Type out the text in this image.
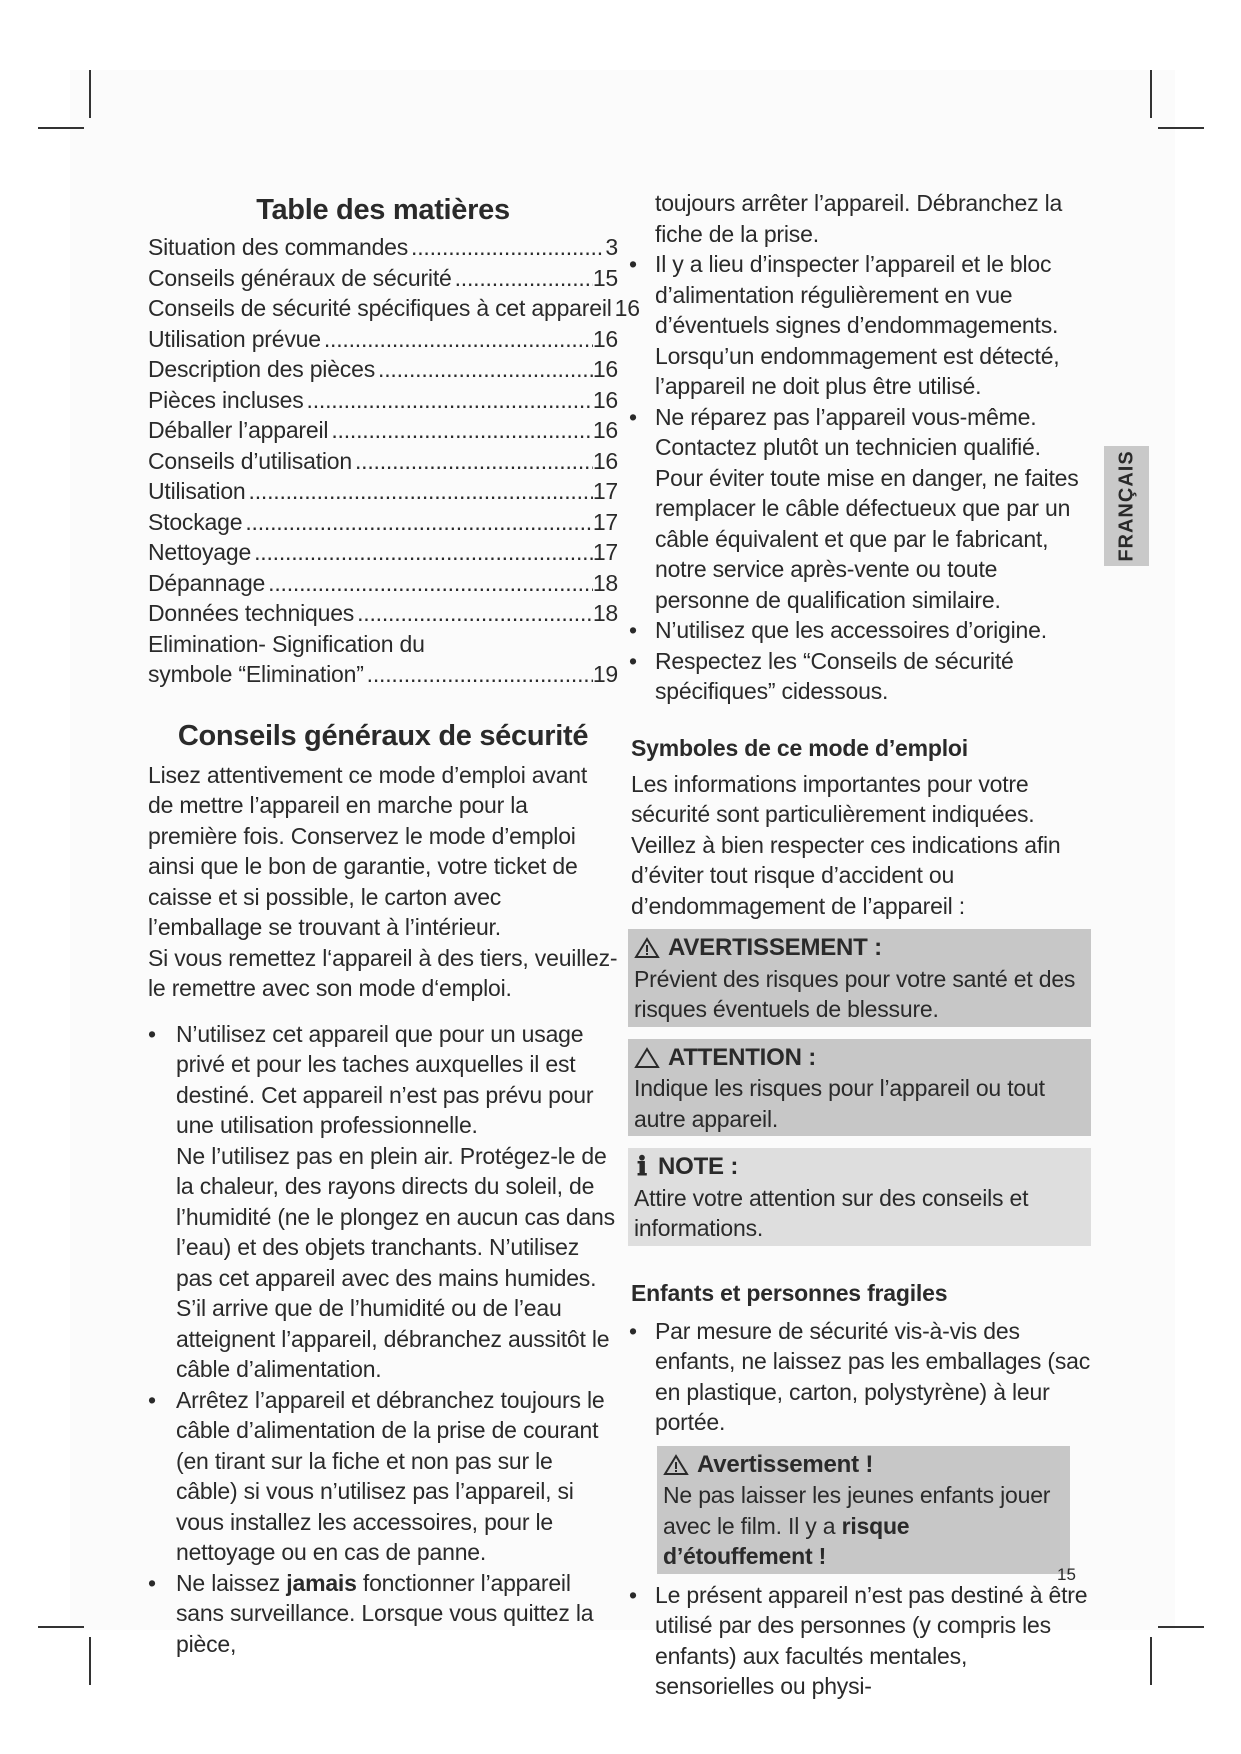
Table des matières
Situation des commandes .....	3
Conseils généraux de sécurité .....	15
Conseils de sécurité spécifiques à cet appareil 16
Utilisation prévue .....	16
Description des pièces .....	16
Pièces incluses .....	16
Déballer l’appareil .....	16
Conseils d’utilisation .....	16
Utilisation .....	17
Stockage .....	17
Nettoyage .....	17
Dépannage .....	18
Données techniques .....	18
Elimination- Signification du
symbole “Elimination” .....	19
Conseils généraux de sécurité

Lisez attentivement ce mode d’emploi avant de mettre l’appareil en marche pour la première fois. Conservez le mode d’emploi ainsi que le bon de garantie, votre ticket de caisse et si possible, le carton avec l’emballage se trouvant à l’intérieur.

Si vous remettez l‘appareil à des tiers, veuillez-le remettre avec son mode d‘emploi.

• N’utilisez cet appareil que pour un usage privé et pour les taches auxquelles il est destiné. Cet appareil n’est pas prévu pour une utilisation professionnelle.
Ne l’utilisez pas en plein air. Protégez-le de la chaleur, des rayons directs du soleil, de l’humidité (ne le plongez en aucun cas dans l’eau) et des objets tranchants. N’utilisez pas cet appareil avec des mains humides. S’il arrive que de l’humidité ou de l’eau atteignent l’appareil, débranchez aussitôt le câble d’alimentation.
• Arrêtez l’appareil et débranchez toujours le câble d’alimentation de la prise de courant (en tirant sur la fiche et non pas sur le câble) si vous n’utilisez pas l’appareil, si vous installez les accessoires, pour le nettoyage ou en cas de panne.
• Ne laissez jamais fonctionner l’appareil sans surveillance. Lorsque vous quittez la pièce,

toujours arrêter l’appareil. Débranchez la fiche de la prise.

• Il y a lieu d’inspecter l’appareil et le bloc d’alimentation régulièrement en vue d’éventuels signes d’endommagements. Lorsqu’un endommagement est détecté, l’appareil ne doit plus être utilisé.
• Ne réparez pas l’appareil vous-même. Contactez plutôt un technicien qualifié. Pour éviter toute mise en danger, ne faites remplacer le câble défectueux que par un câble équivalent et que par le fabricant, notre service après-vente ou toute personne de qualification similaire.
• N’utilisez que les accessoires d’origine.
• Respectez les “Conseils de sécurité spécifiques” cidessous.
Symboles de ce mode d’emploi

Les informations importantes pour votre sécurité sont particulièrement indiquées. Veillez à bien respecter ces indications afin d’éviter tout risque d’accident ou d’endommagement de l’appareil :

AVERTISSEMENT :
Prévient des risques pour votre santé et des risques éventuels de blessure.
ATTENTION :
Indique les risques pour l’appareil ou tout autre appareil.
ℹ NOTE :
Attire votre attention sur des conseils et informations.
Enfants et personnes fragiles
• Par mesure de sécurité vis-à-vis des enfants, ne laissez pas les emballages (sac en plastique, carton, polystyrène) à leur portée.
Avertissement !
Ne pas laisser les jeunes enfants jouer avec le film. Il y a risque d’étouffement !
• Le présent appareil n’est pas destiné à être utilisé par des personnes (y compris les enfants) aux facultés mentales, sensorielles ou physi-
FRANÇAIS
15
